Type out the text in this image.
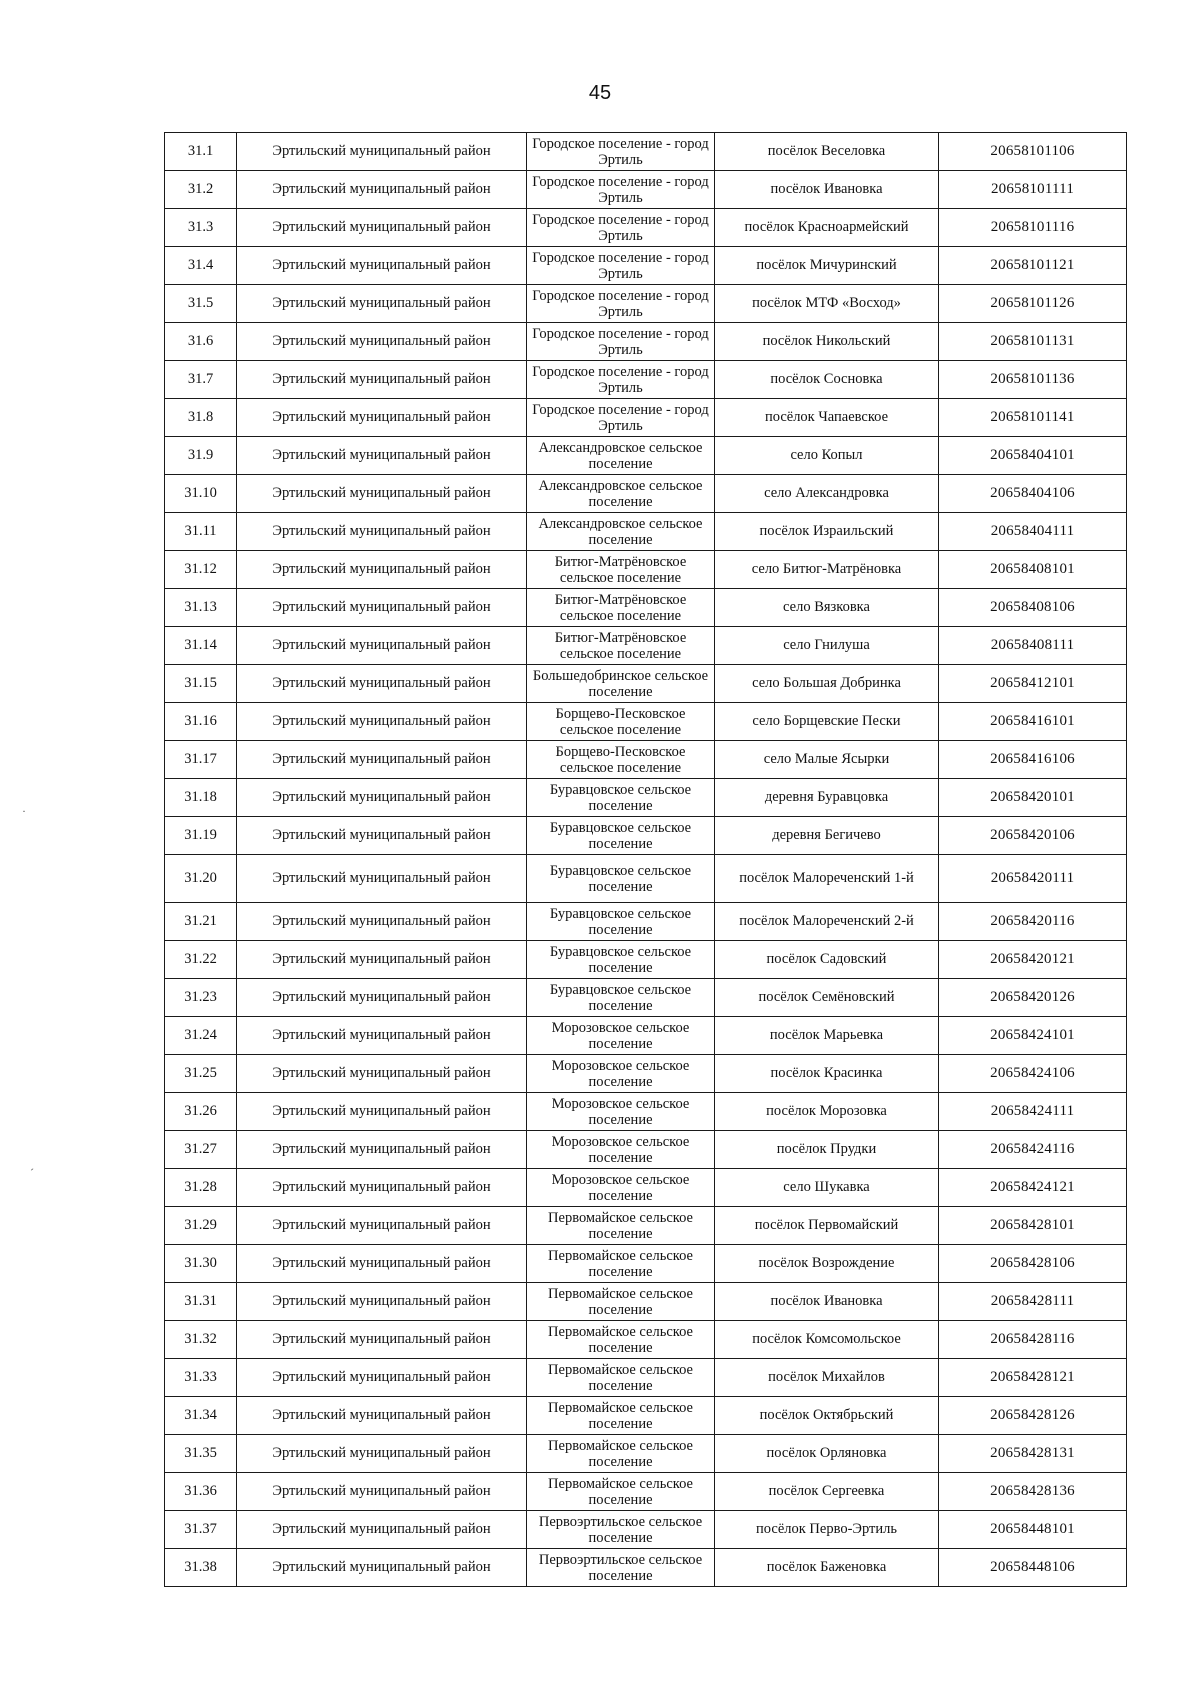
45
31.1	Эртильский муниципальный район	Городское поселение - город Эртиль	посёлок Веселовка	20658101106
31.2	Эртильский муниципальный район	Городское поселение - город Эртиль	посёлок Ивановка	20658101111
31.3	Эртильский муниципальный район	Городское поселение - город Эртиль	посёлок Красноармейский	20658101116
31.4	Эртильский муниципальный район	Городское поселение - город Эртиль	посёлок Мичуринский	20658101121
31.5	Эртильский муниципальный район	Городское поселение - город Эртиль	посёлок МТФ «Восход»	20658101126
31.6	Эртильский муниципальный район	Городское поселение - город Эртиль	посёлок Никольский	20658101131
31.7	Эртильский муниципальный район	Городское поселение - город Эртиль	посёлок Сосновка	20658101136
31.8	Эртильский муниципальный район	Городское поселение - город Эртиль	посёлок Чапаевское	20658101141
31.9	Эртильский муниципальный район	Александровское сельское поселение	село Копыл	20658404101
31.10	Эртильский муниципальный район	Александровское сельское поселение	село Александровка	20658404106
31.11	Эртильский муниципальный район	Александровское сельское поселение	посёлок Израильский	20658404111
31.12	Эртильский муниципальный район	Битюг-Матрёновское сельское поселение	село Битюг-Матрёновка	20658408101
31.13	Эртильский муниципальный район	Битюг-Матрёновское сельское поселение	село Вязковка	20658408106
31.14	Эртильский муниципальный район	Битюг-Матрёновское сельское поселение	село Гнилуша	20658408111
31.15	Эртильский муниципальный район	Большедобринское сельское поселение	село Большая Добринка	20658412101
31.16	Эртильский муниципальный район	Борщево-Песковское сельское поселение	село Борщевские Пески	20658416101
31.17	Эртильский муниципальный район	Борщево-Песковское сельское поселение	село Малые Ясырки	20658416106
31.18	Эртильский муниципальный район	Буравцовское сельское поселение	деревня Буравцовка	20658420101
31.19	Эртильский муниципальный район	Буравцовское сельское поселение	деревня Бегичево	20658420106
31.20	Эртильский муниципальный район	Буравцовское сельское поселение	посёлок Малореченский 1-й	20658420111
31.21	Эртильский муниципальный район	Буравцовское сельское поселение	посёлок Малореченский 2-й	20658420116
31.22	Эртильский муниципальный район	Буравцовское сельское поселение	посёлок Садовский	20658420121
31.23	Эртильский муниципальный район	Буравцовское сельское поселение	посёлок Семёновский	20658420126
31.24	Эртильский муниципальный район	Морозовское сельское поселение	посёлок Марьевка	20658424101
31.25	Эртильский муниципальный район	Морозовское сельское поселение	посёлок Красинка	20658424106
31.26	Эртильский муниципальный район	Морозовское сельское поселение	посёлок Морозовка	20658424111
31.27	Эртильский муниципальный район	Морозовское сельское поселение	посёлок Прудки	20658424116
31.28	Эртильский муниципальный район	Морозовское сельское поселение	село Шукавка	20658424121
31.29	Эртильский муниципальный район	Первомайское сельское поселение	посёлок Первомайский	20658428101
31.30	Эртильский муниципальный район	Первомайское сельское поселение	посёлок Возрождение	20658428106
31.31	Эртильский муниципальный район	Первомайское сельское поселение	посёлок Ивановка	20658428111
31.32	Эртильский муниципальный район	Первомайское сельское поселение	посёлок Комсомольское	20658428116
31.33	Эртильский муниципальный район	Первомайское сельское поселение	посёлок Михайлов	20658428121
31.34	Эртильский муниципальный район	Первомайское сельское поселение	посёлок Октябрьский	20658428126
31.35	Эртильский муниципальный район	Первомайское сельское поселение	посёлок Орляновка	20658428131
31.36	Эртильский муниципальный район	Первомайское сельское поселение	посёлок Сергеевка	20658428136
31.37	Эртильский муниципальный район	Первоэртильское сельское поселение	посёлок Перво-Эртиль	20658448101
31.38	Эртильский муниципальный район	Первоэртильское сельское поселение	посёлок Баженовка	20658448106
·
´
